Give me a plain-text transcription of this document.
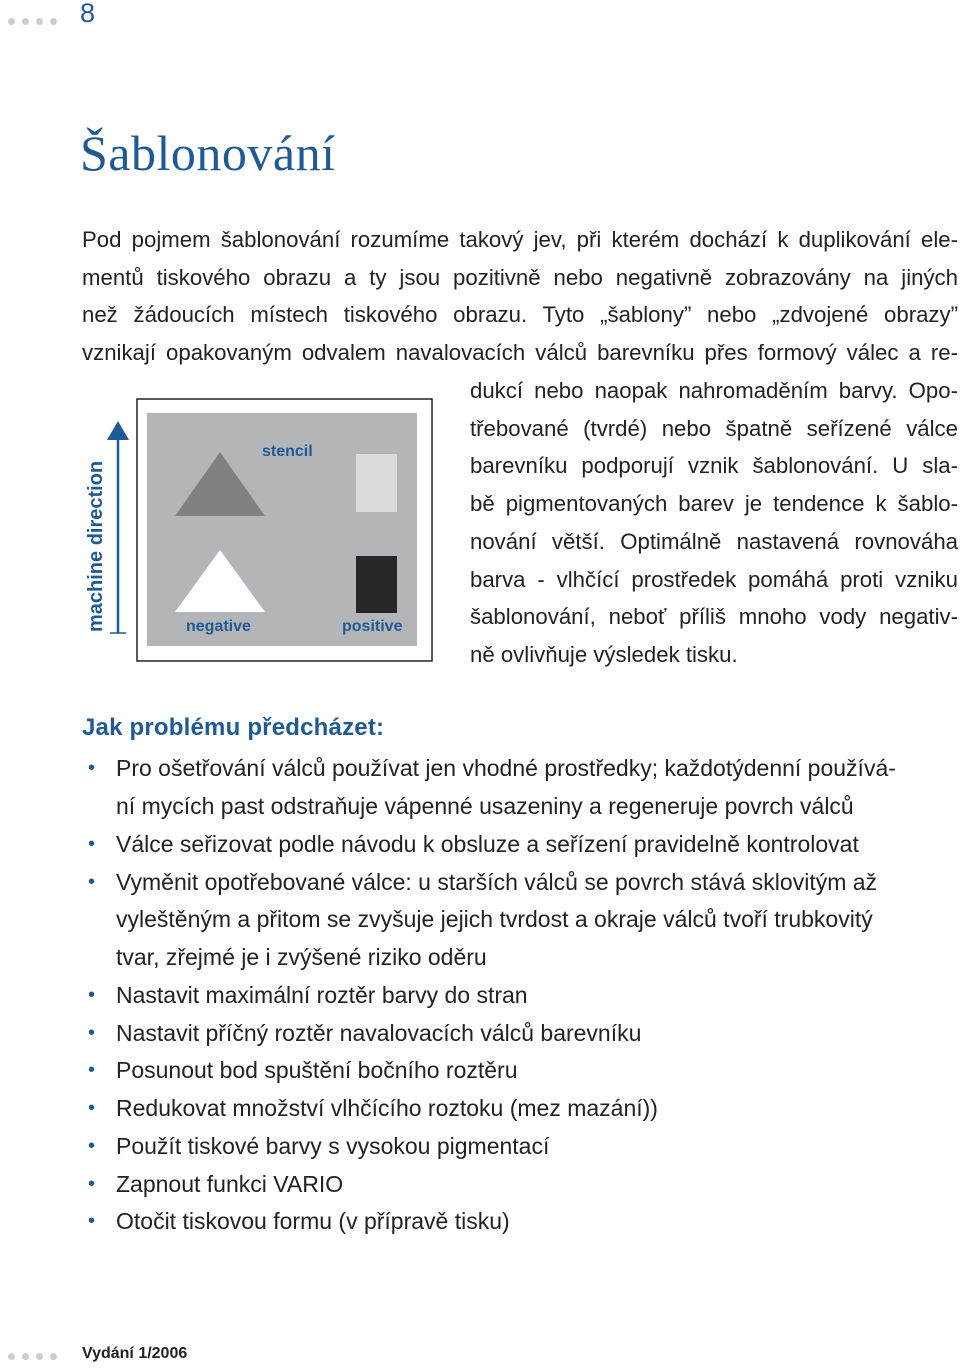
8
Šablonování
Pod pojmem šablonování rozumíme takový jev, při kterém dochází k duplikování ele-
mentů tiskového obrazu a ty jsou pozitivně nebo negativně zobrazovány na jiných
než žádoucích místech tiskového obrazu. Tyto „šablony” nebo „zdvojené obrazy”
vznikají opakovaným odvalem navalovacích válců barevníku přes formový válec a re-
dukcí nebo naopak nahromaděním barvy. Opo-
třebované (tvrdé) nebo špatně seřízené válce
barevníku podporují vznik šablonování. U sla-
bě pigmentovaných barev je tendence k šablo-
nování větší. Optimálně nastavená rovnováha
barva - vlhčící prostředek pomáhá proti vzniku
šablonování, neboť příliš mnoho vody negativ-
ně ovlivňuje výsledek tisku.
machine direction
stencil
negative	positive
Jak problému předcházet:
• Pro ošetřování válců používat jen vhodné prostředky; každotýdenní používá-
ní mycích past odstraňuje vápenné usazeniny a regeneruje povrch válců
• Válce seřizovat podle návodu k obsluze a seřízení pravidelně kontrolovat
• Vyměnit opotřebované válce: u starších válců se povrch stává sklovitým až
vyleštěným a přitom se zvyšuje jejich tvrdost a okraje válců tvoří trubkovitý
tvar, zřejmé je i zvýšené riziko oděru
• Nastavit maximální roztěr barvy do stran
• Nastavit příčný roztěr navalovacích válců barevníku
• Posunout bod spuštění bočního roztěru
• Redukovat množství vlhčícího roztoku (mez mazání))
• Použít tiskové barvy s vysokou pigmentací
• Zapnout funkci VARIO
• Otočit tiskovou formu (v přípravě tisku)
Vydání 1/2006
